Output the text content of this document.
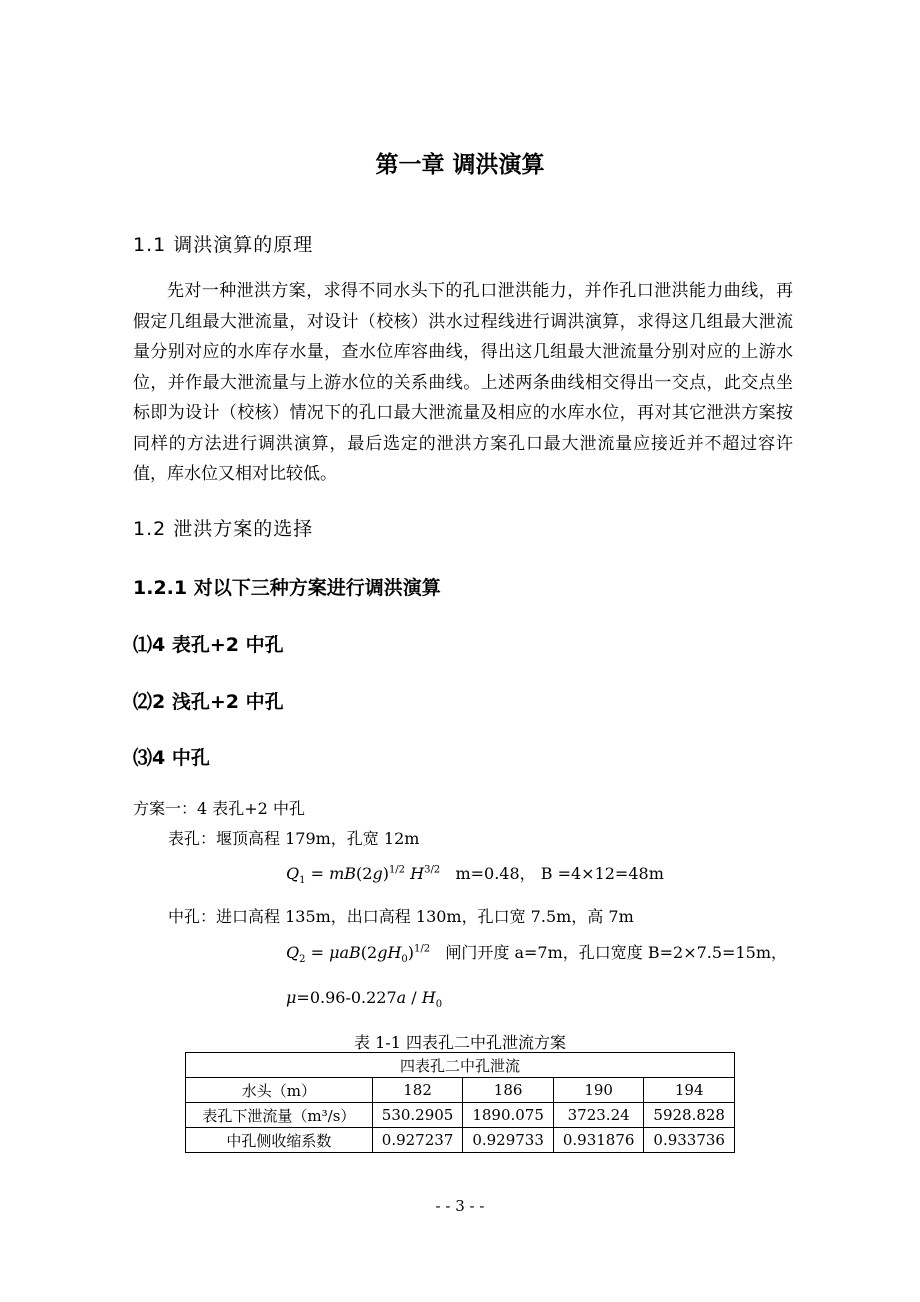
第一章 调洪演算
1.1 调洪演算的原理

先对一种泄洪方案，求得不同水头下的孔口泄洪能力，并作孔口泄洪能力曲线，再假定几组最大泄流量，对设计（校核）洪水过程线进行调洪演算，求得这几组最大泄流量分别对应的水库存水量，查水位库容曲线，得出这几组最大泄流量分别对应的上游水位，并作最大泄流量与上游水位的关系曲线。上述两条曲线相交得出一交点，此交点坐标即为设计（校核）情况下的孔口最大泄流量及相应的水库水位，再对其它泄洪方案按同样的方法进行调洪演算，最后选定的泄洪方案孔口最大泄流量应接近并不超过容许值，库水位又相对比较低。

1.2 泄洪方案的选择
1.2.1 对以下三种方案进行调洪演算
⑴4 表孔+2 中孔
⑵2 浅孔+2 中孔
⑶4 中孔
方案一：4 表孔+2 中孔
表孔：堰顶高程 179m，孔宽 12m
$Q_1 = mB(2g)^{1/2}$ $H^{3/2}$ m=0.48， B =4×12=48m
中孔：进口高程 135m，出口高程 130m，孔口宽 7.5m，高 7m
$Q_2 = \mu aB(2gH_0)^{1/2}$ 闸门开度 a=7m，孔口宽度 B=2×7.5=15m，
$\mu=0.96-0.227a / H_0$
表 1-1 四表孔二中孔泄流方案
四表孔二中孔泄流				
水头（m）	182	186	190	194
表孔下泄流量（m³/s）	530.2905	1890.075	3723.24	5928.828
中孔侧收缩系数	0.927237	0.929733	0.931876	0.933736
- - 3 - -
